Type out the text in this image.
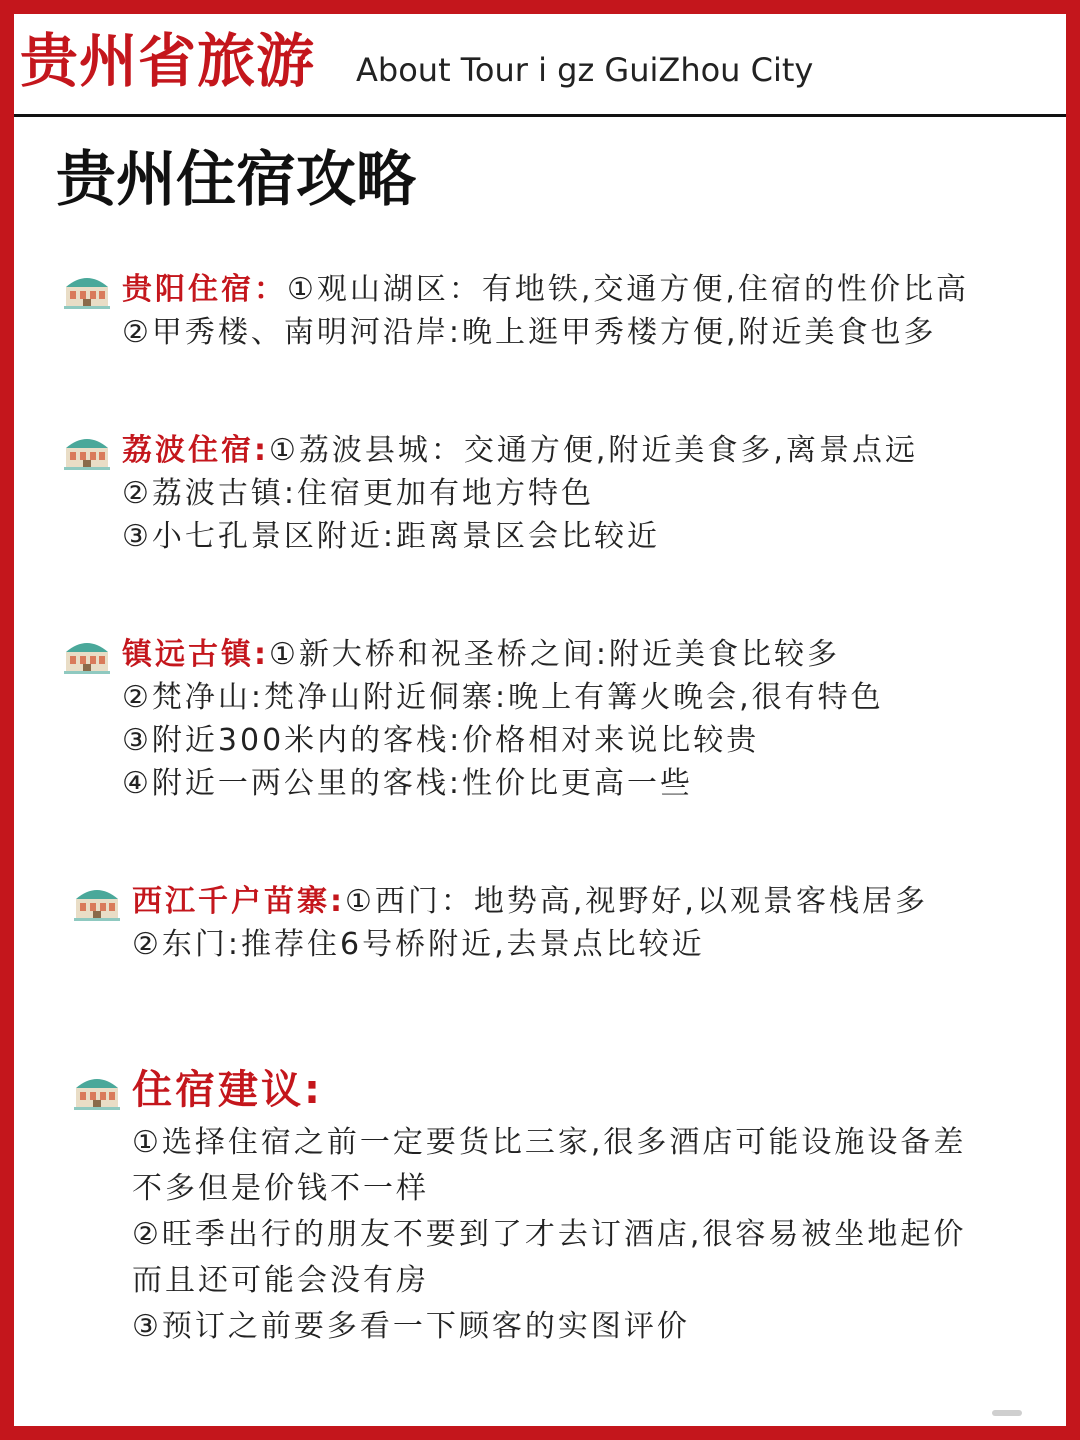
贵州省旅游 About Tour i gz GuiZhou City
贵州住宿攻略
贵阳住宿：①观山湖区：有地铁,交通方便,住宿的性价比高
②甲秀楼、南明河沿岸:晚上逛甲秀楼方便,附近美食也多
荔波住宿:①荔波县城：交通方便,附近美食多,离景点远
②荔波古镇:住宿更加有地方特色
③小七孔景区附近:距离景区会比较近
镇远古镇:①新大桥和祝圣桥之间:附近美食比较多
②梵净山:梵净山附近侗寨:晚上有篝火晚会,很有特色
③附近300米内的客栈:价格相对来说比较贵
④附近一两公里的客栈:性价比更高一些
西江千户苗寨:①西门：地势高,视野好,以观景客栈居多
②东门:推荐住6号桥附近,去景点比较近
住宿建议:
①选择住宿之前一定要货比三家,很多酒店可能设施设备差
不多但是价钱不一样
②旺季出行的朋友不要到了才去订酒店,很容易被坐地起价
而且还可能会没有房
③预订之前要多看一下顾客的实图评价
